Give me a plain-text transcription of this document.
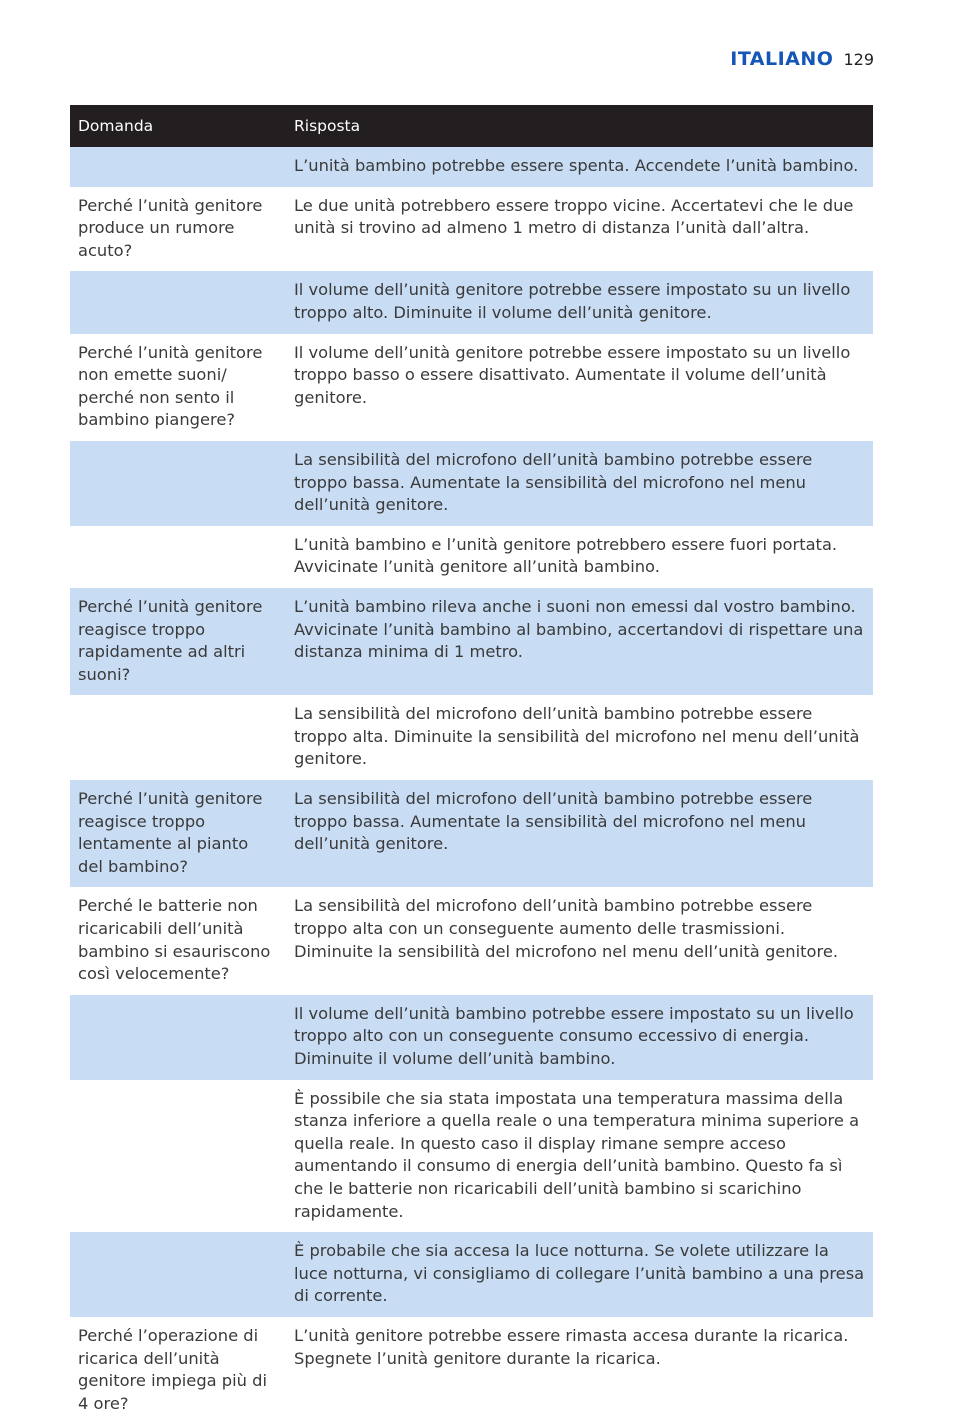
ITALIANO 129
Domanda	Risposta
	L’unità bambino potrebbe essere spenta. Accendete l’unità bambino.
Perché l’unità genitore produce un rumore acuto?	Le due unità potrebbero essere troppo vicine. Accertatevi che le due unità si trovino ad almeno 1 metro di distanza l’unità dall’altra.
	Il volume dell’unità genitore potrebbe essere impostato su un livello troppo alto. Diminuite il volume dell’unità genitore.
Perché l’unità genitore non emette suoni/ perché non sento il bambino piangere?	Il volume dell’unità genitore potrebbe essere impostato su un livello troppo basso o essere disattivato. Aumentate il volume dell’unità genitore.
	La sensibilità del microfono dell’unità bambino potrebbe essere troppo bassa. Aumentate la sensibilità del microfono nel menu dell’unità genitore.
	L’unità bambino e l’unità genitore potrebbero essere fuori portata. Avvicinate l’unità genitore all’unità bambino.
Perché l’unità genitore reagisce troppo rapidamente ad altri suoni?	L’unità bambino rileva anche i suoni non emessi dal vostro bambino. Avvicinate l’unità bambino al bambino, accertandovi di rispettare una distanza minima di 1 metro.
	La sensibilità del microfono dell’unità bambino potrebbe essere troppo alta. Diminuite la sensibilità del microfono nel menu dell’unità genitore.
Perché l’unità genitore reagisce troppo lentamente al pianto del bambino?	La sensibilità del microfono dell’unità bambino potrebbe essere troppo bassa. Aumentate la sensibilità del microfono nel menu dell’unità genitore.
Perché le batterie non ricaricabili dell’unità bambino si esauriscono così velocemente?	La sensibilità del microfono dell’unità bambino potrebbe essere troppo alta con un conseguente aumento delle trasmissioni. Diminuite la sensibilità del microfono nel menu dell’unità genitore.
	Il volume dell’unità bambino potrebbe essere impostato su un livello troppo alto con un conseguente consumo eccessivo di energia. Diminuite il volume dell’unità bambino.
	È possibile che sia stata impostata una temperatura massima della stanza inferiore a quella reale o una temperatura minima superiore a quella reale. In questo caso il display rimane sempre acceso aumentando il consumo di energia dell’unità bambino. Questo fa sì che le batterie non ricaricabili dell’unità bambino si scarichino rapidamente.
	È probabile che sia accesa la luce notturna. Se volete utilizzare la luce notturna, vi consigliamo di collegare l’unità bambino a una presa di corrente.
Perché l’operazione di ricarica dell’unità genitore impiega più di 4 ore?	L’unità genitore potrebbe essere rimasta accesa durante la ricarica. Spegnete l’unità genitore durante la ricarica.
